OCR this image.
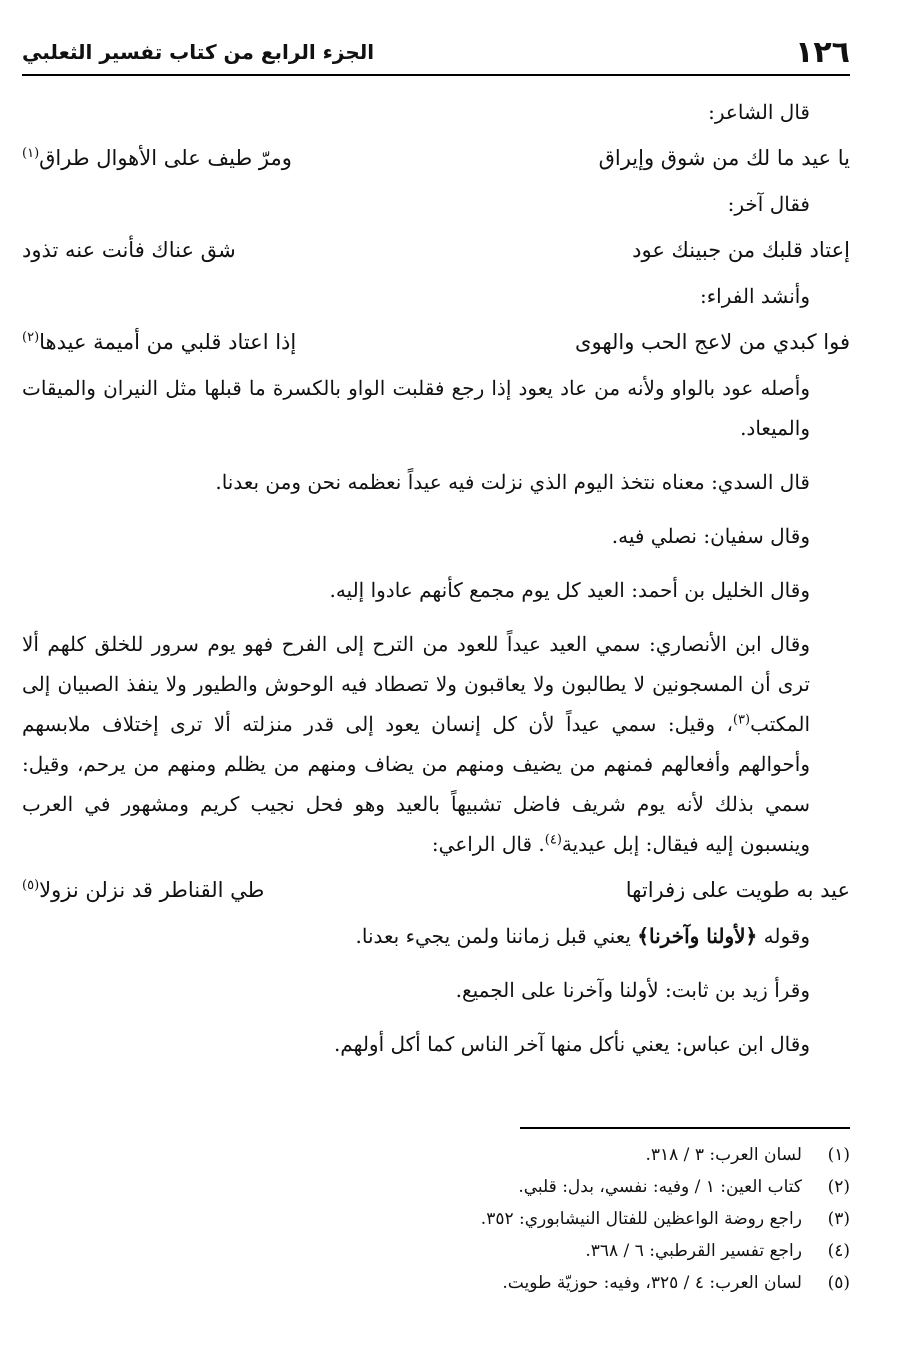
١٢٦
الجزء الرابع من كتاب تفسير الثعلبي

قال الشاعر:

يا عيد ما لك من شوق وإيراق
ومرّ طيف على الأهوال طراق$^{(١)}$

فقال آخر:

إعتاد قلبك من جبينك عود
شق عناك فأنت عنه تذود

وأنشد الفراء:

فوا كبدي من لاعج الحب والهوى
إذا اعتاد قلبي من أميمة عيدها$^{(٢)}$

وأصله عود بالواو ولأنه من عاد يعود إذا رجع فقلبت الواو بالكسرة ما قبلها مثل النيران والميقات والميعاد.

قال السدي: معناه نتخذ اليوم الذي نزلت فيه عيداً نعظمه نحن ومن بعدنا.

وقال سفيان: نصلي فيه.

وقال الخليل بن أحمد: العيد كل يوم مجمع كأنهم عادوا إليه.

وقال ابن الأنصاري: سمي العيد عيداً للعود من الترح إلى الفرح فهو يوم سرور للخلق كلهم ألا ترى أن المسجونين لا يطالبون ولا يعاقبون ولا تصطاد فيه الوحوش والطيور ولا ينفذ الصبيان إلى المكتب$^{(٣)}$، وقيل: سمي عيداً لأن كل إنسان يعود إلى قدر منزلته ألا ترى إختلاف ملابسهم وأحوالهم وأفعالهم فمنهم من يضيف ومنهم من يضاف ومنهم من يظلم ومنهم من يرحم، وقيل: سمي بذلك لأنه يوم شريف فاضل تشبيهاً بالعيد وهو فحل نجيب كريم ومشهور في العرب وينسبون إليه فيقال: إبل عيدية$^{(٤)}$. قال الراعي:

عيد به طويت على زفراتها
طي القناطر قد نزلن نزولا$^{(٥)}$

وقوله ﴿لأولنا وآخرنا﴾ يعني قبل زماننا ولمن يجيء بعدنا.

وقرأ زيد بن ثابت: لأولنا وآخرنا على الجميع.

وقال ابن عباس: يعني نأكل منها آخر الناس كما أكل أولهم.

(١)
لسان العرب: ٣ / ٣١٨.
(٢)
كتاب العين: ١ / وفيه: نفسي، بدل: قلبي.
(٣)
راجع روضة الواعظين للفتال النيشابوري: ٣٥٢.
(٤)
راجع تفسير القرطبي: ٦ / ٣٦٨.
(٥)
لسان العرب: ٤ / ٣٢٥، وفيه: حوزيّة طويت.
